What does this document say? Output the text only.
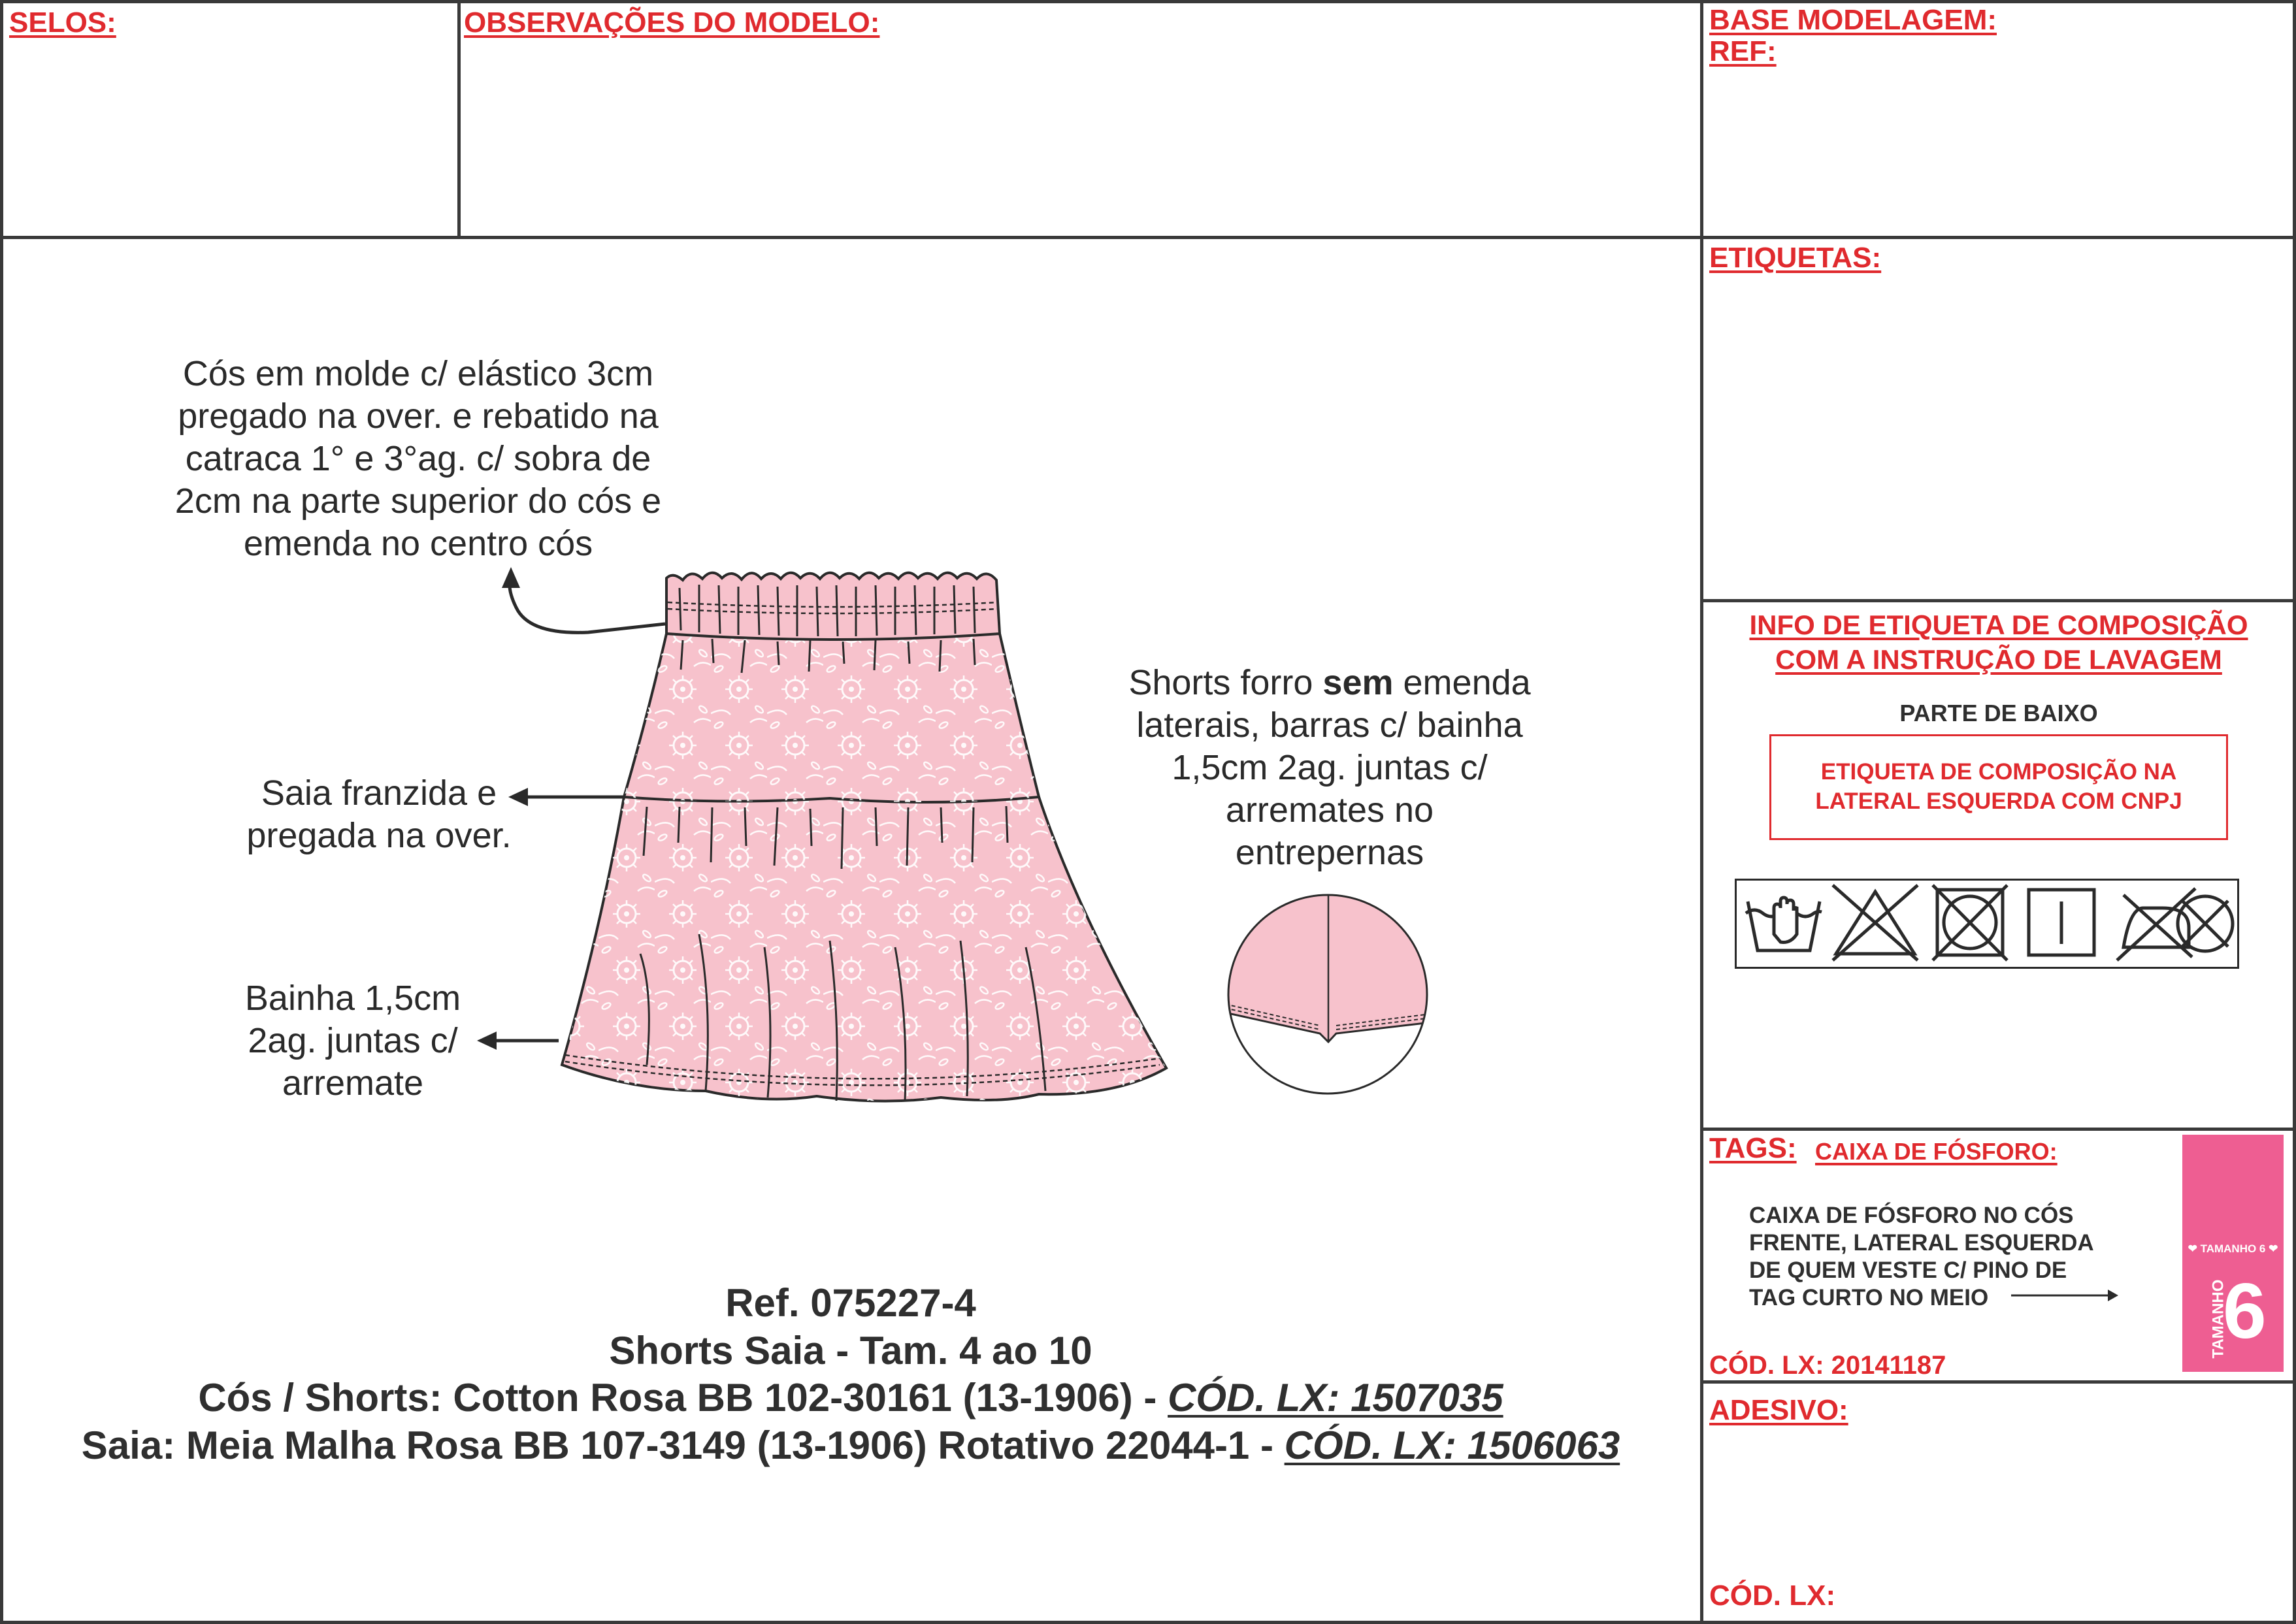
SELOS:	OBSERVAÇÕES DO MODELO:	BASE MODELAGEM:
REF:
ETIQUETAS:
INFO DE ETIQUETA DE COMPOSIÇÃO
COM A INSTRUÇÃO DE LAVAGEM
PARTE DE BAIXO
ETIQUETA DE COMPOSIÇÃO NA
LATERAL ESQUERDA COM CNPJ
TAGS: CAIXA DE FÓSFORO:
CAIXA DE FÓSFORO NO CÓS
FRENTE, LATERAL ESQUERDA
DE QUEM VESTE C/ PINO DE
TAG CURTO NO MEIO
❤ TAMANHO 6 ❤
TAMANHO
6
CÓD. LX: 20141187
ADESIVO:
CÓD. LX:
Cós em molde c/ elástico 3cm
pregado na over. e rebatido na
catraca 1° e 3°ag. c/ sobra de
2cm na parte superior do cós e
emenda no centro cós
Saia franzida e
pregada na over.
Bainha 1,5cm
2ag. juntas c/
arremate
Shorts forro sem emenda
laterais, barras c/ bainha
1,5cm 2ag. juntas c/
arremates no
entrepernas
Ref. 075227-4
Shorts Saia - Tam. 4 ao 10
Cós / Shorts: Cotton Rosa BB 102-30161 (13-1906) - CÓD. LX: 1507035
Saia: Meia Malha Rosa BB 107-3149 (13-1906) Rotativo 22044-1 - CÓD. LX: 1506063
